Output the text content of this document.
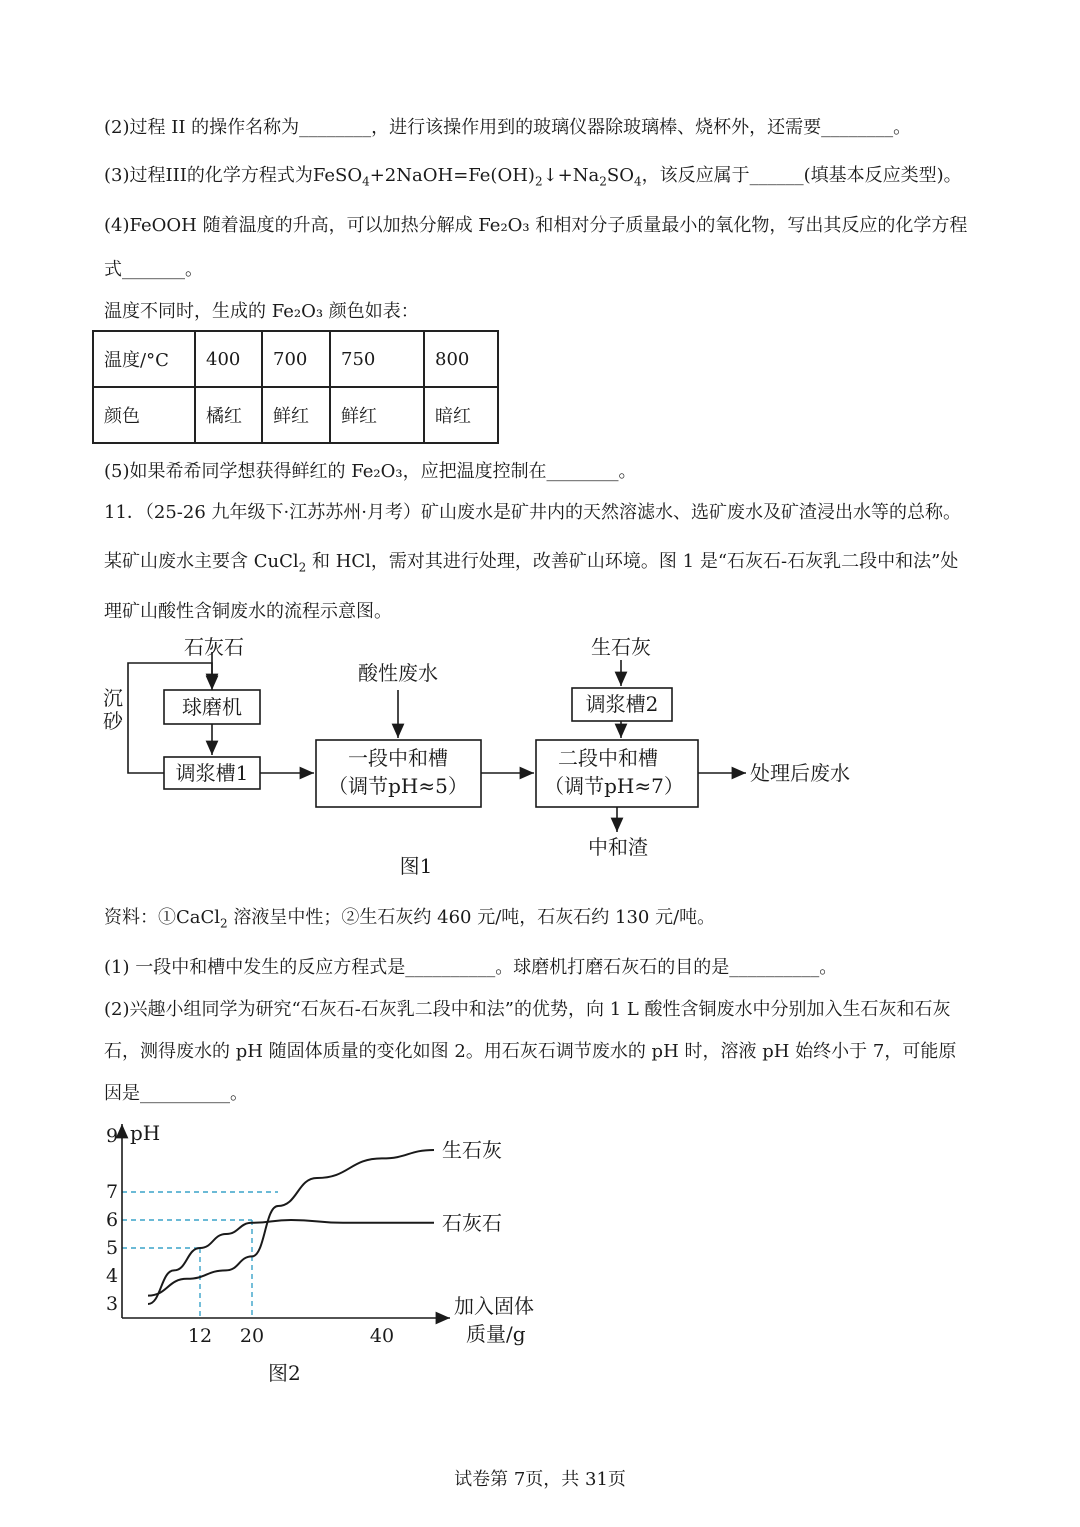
(2)过程 II 的操作名称为________，进行该操作用到的玻璃仪器除玻璃棒、烧杯外，还需要________。
(3)过程III的化学方程式为$FeSO_4+2NaOH=Fe(OH)_2↓+Na_2SO_4$，该反应属于______(填基本反应类型)。
(4)FeOOH 随着温度的升高，可以加热分解成 Fe₂O₃ 和相对分子质量最小的氧化物，写出其反应的化学方程
式_______。
温度不同时，生成的 Fe₂O₃ 颜色如表：
温度/°C	400	700	750	800
颜色	橘红	鲜红	鲜红	暗红
(5)如果希希同学想获得鲜红的 Fe₂O₃，应把温度控制在________。
11．（25-26 九年级下·江苏苏州·月考）矿山废水是矿井内的天然溶滤水、选矿废水及矿渣浸出水等的总称。
某矿山废水主要含 CuCl$_2$ 和 HCl，需对其进行处理，改善矿山环境。图 1 是“石灰石-石灰乳二段中和法”处
理矿山酸性含铜废水的流程示意图。
石灰石
沉
砂
球磨机
调浆槽1
酸性废水
一段中和槽
（调节pH≈5）
生石灰
调浆槽2
二段中和槽
（调节pH≈7）
处理后废水
中和渣
图1
资料：①CaCl$_2$ 溶液呈中性；②生石灰约 460 元/吨，石灰石约 130 元/吨。
(1) 一段中和槽中发生的反应方程式是__________。球磨机打磨石灰石的目的是__________。
(2)兴趣小组同学为研究“石灰石-石灰乳二段中和法”的优势，向 1 L 酸性含铜废水中分别加入生石灰和石灰
石，测得废水的 pH 随固体质量的变化如图 2。用石灰石调节废水的 pH 时，溶液 pH 始终小于 7，可能原
因是__________。
3
4
5
6
7
9
12 20	40
生石灰
石灰石
pH
加入固体
质量/g
图2
试卷第 7页，共 31页
